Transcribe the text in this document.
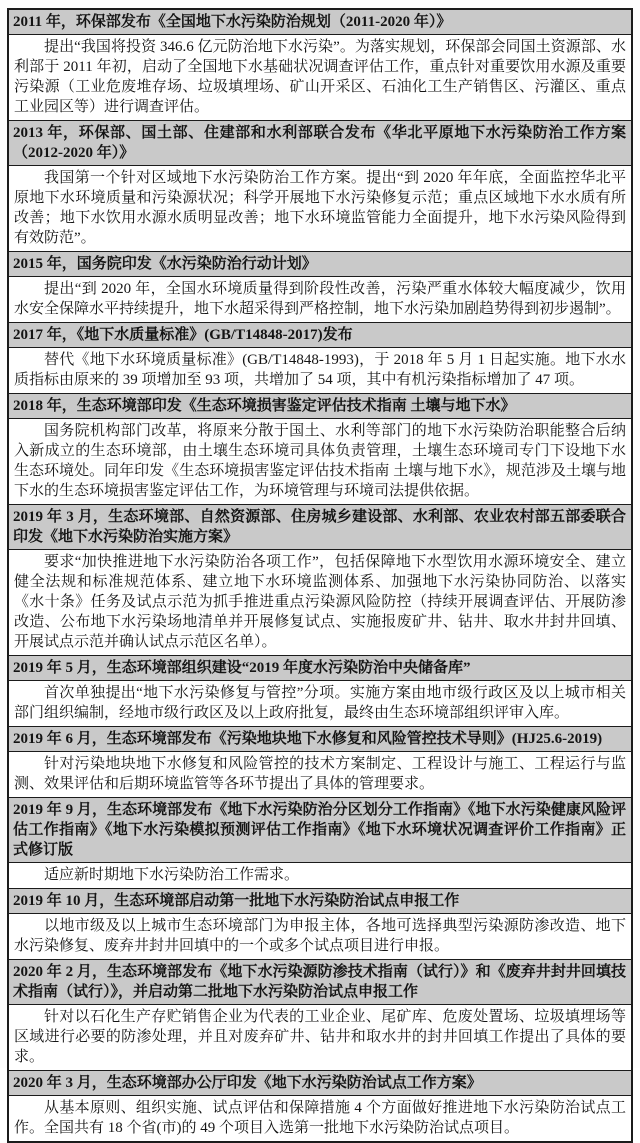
2011 年，环保部发布《全国地下水污染防治规划（2011-2020 年）》

提出“我国将投资 346.6 亿元防治地下水污染”。为落实规划，环保部会同国土资源部、水利部于 2011 年初，启动了全国地下水基础状况调查评估工作，重点针对重要饮用水源及重要污染源（工业危废堆存场、垃圾填埋场、矿山开采区、石油化工生产销售区、污灌区、重点工业园区等）进行调查评估。

2013 年，环保部、国土部、住建部和水利部联合发布《华北平原地下水污染防治工作方案（2012-2020 年）》

我国第一个针对区域地下水污染防治工作方案。提出“到 2020 年年底，全面监控华北平原地下水环境质量和污染源状况；科学开展地下水污染修复示范；重点区域地下水水质有所改善；地下水饮用水源水质明显改善；地下水环境监管能力全面提升，地下水污染风险得到有效防范”。

2015 年，国务院印发《水污染防治行动计划》

提出“到 2020 年，全国水环境质量得到阶段性改善，污染严重水体较大幅度减少，饮用水安全保障水平持续提升，地下水超采得到严格控制，地下水污染加剧趋势得到初步遏制”。

2017 年，《地下水质量标准》(GB/T14848-2017)发布

替代《地下水环境质量标准》(GB/T14848-1993)，于 2018 年 5 月 1 日起实施。地下水水质指标由原来的 39 项增加至 93 项，共增加了 54 项，其中有机污染指标增加了 47 项。

2018 年，生态环境部印发《生态环境损害鉴定评估技术指南 土壤与地下水》

国务院机构部门改革，将原来分散于国土、水利等部门的地下水污染防治职能整合后纳入新成立的生态环境部，由土壤生态环境司具体负责管理，土壤生态环境司专门下设地下水生态环境处。同年印发《生态环境损害鉴定评估技术指南 土壤与地下水》，规范涉及土壤与地下水的生态环境损害鉴定评估工作，为环境管理与环境司法提供依据。

2019 年 3 月，生态环境部、自然资源部、住房城乡建设部、水利部、农业农村部五部委联合印发《地下水污染防治实施方案》

要求“加快推进地下水污染防治各项工作”，包括保障地下水型饮用水源环境安全、建立健全法规和标准规范体系、建立地下水环境监测体系、加强地下水污染协同防治、以落实《水十条》任务及试点示范为抓手推进重点污染源风险防控（持续开展调查评估、开展防渗改造、公布地下水污染场地清单并开展修复试点、实施报废矿井、钻井、取水井封井回填、开展试点示范并确认试点示范区名单）。

2019 年 5 月，生态环境部组织建设“2019 年度水污染防治中央储备库”

首次单独提出“地下水污染修复与管控”分项。实施方案由地市级行政区及以上城市相关部门组织编制，经地市级行政区及以上政府批复，最终由生态环境部组织评审入库。

2019 年 6 月，生态环境部发布《污染地块地下水修复和风险管控技术导则》(HJ25.6-2019)

针对污染地块地下水修复和风险管控的技术方案制定、工程设计与施工、工程运行与监测、效果评估和后期环境监管等各环节提出了具体的管理要求。

2019 年 9 月，生态环境部发布《地下水污染防治分区划分工作指南》《地下水污染健康风险评估工作指南》《地下水污染模拟预测评估工作指南》《地下水环境状况调查评价工作指南》正式修订版

适应新时期地下水污染防治工作需求。

2019 年 10 月，生态环境部启动第一批地下水污染防治试点申报工作

以地市级及以上城市生态环境部门为申报主体，各地可选择典型污染源防渗改造、地下水污染修复、废弃井封井回填中的一个或多个试点项目进行申报。

2020 年 2 月，生态环境部发布《地下水污染源防渗技术指南（试行）》和《废弃井封井回填技术指南（试行）》，并启动第二批地下水污染防治试点申报工作

针对以石化生产存贮销售企业为代表的工业企业、尾矿库、危废处置场、垃圾填埋场等区域进行必要的防渗处理，并且对废弃矿井、钻井和取水井的封井回填工作提出了具体的要求。

2020 年 3 月，生态环境部办公厅印发《地下水污染防治试点工作方案》

从基本原则、组织实施、试点评估和保障措施 4 个方面做好推进地下水污染防治试点工作。全国共有 18 个省(市)的 49 个项目入选第一批地下水污染防治试点项目。
